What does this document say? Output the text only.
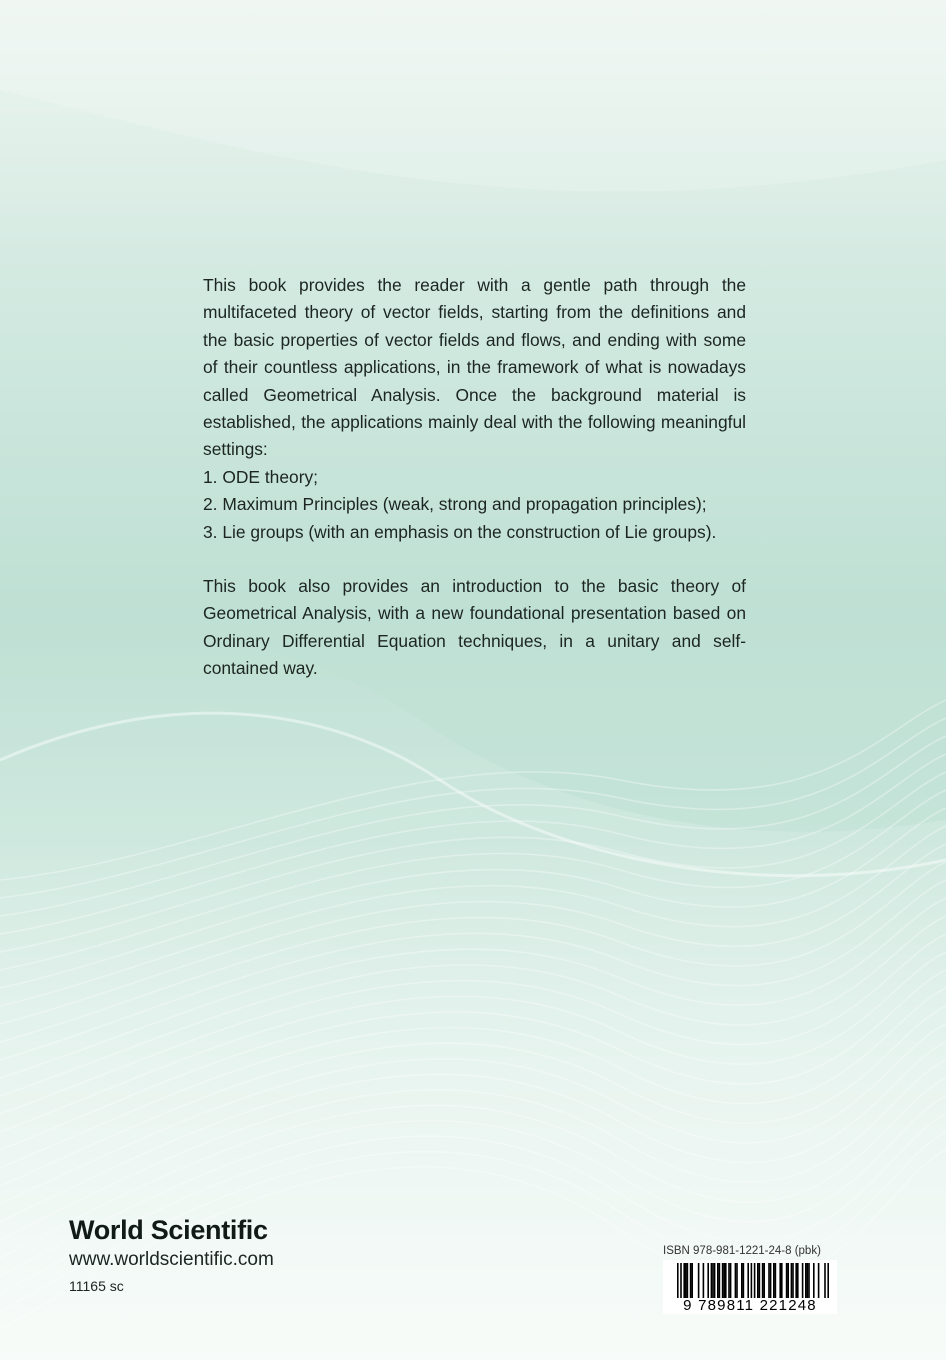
This book provides the reader with a gentle path through the multifaceted theory of vector fields, starting from the definitions and the basic properties of vector fields and flows, and ending with some of their countless applications, in the framework of what is nowadays called Geometrical Analysis. Once the background material is established, the applications mainly deal with the following meaningful settings:

1. ODE theory;
2. Maximum Principles (weak, strong and propagation principles);
3. Lie groups (with an emphasis on the construction of Lie groups).

This book also provides an introduction to the basic theory of Geometrical Analysis, with a new foundational presentation based on Ordinary Differential Equation techniques, in a unitary and self-contained way.

World Scientific
www.worldscientific.com
11165 sc
ISBN 978-981-1221-24-8 (pbk)
9 789811 221248
